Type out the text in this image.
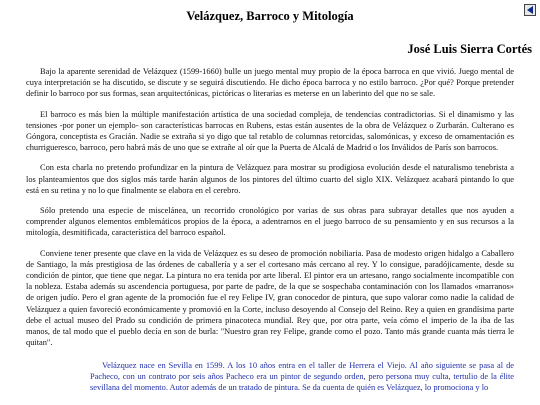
Velázquez, Barroco y Mitología

José Luis Sierra Cortés

Bajo la aparente serenidad de Velázquez (1599-1660) bulle un juego mental muy propio de la época barroca en que vivió. Juego mental de cuya interpretación se ha discutido, se discute y se seguirá discutiendo. He dicho época barroca y no estilo barroco. ¿Por qué? Porque pretender definir lo barroco por sus formas, sean arquitectónicas, pictóricas o literarias es meterse en un laberinto del que no se sale.

El barroco es más bien la múltiple manifestación artística de una sociedad compleja, de tendencias contradictorias. Si el dinamismo y las tensiones -por poner un ejemplo- son características barrocas en Rubens, estas están ausentes de la obra de Velázquez o Zurbarán. Culterano es Góngora, conceptista es Gracián. Nadie se extraña si yo digo que tal retablo de columnas retorcidas, salomónicas, y exceso de ornamentación es churrigueresco, barroco, pero habrá más de uno que se extrañe al oír que la Puerta de Alcalá de Madrid o los Inválidos de París son barrocos.

Con esta charla no pretendo profundizar en la pintura de Velázquez para mostrar su prodigiosa evolución desde el naturalismo tenebrista a los planteamientos que dos siglos más tarde harán algunos de los pintores del último cuarto del siglo XIX. Velázquez acabará pintando lo que está en su retina y no lo que finalmente se elabora en el cerebro.

Sólo pretendo una especie de miscelánea, un recorrido cronológico por varias de sus obras para subrayar detalles que nos ayuden a comprender algunos elementos emblemáticos propios de la época, a adentrarnos en el juego barroco de su pensamiento y en sus recursos a la mitología, desmitificada, característica del barroco español.

Conviene tener presente que clave en la vida de Velázquez es su deseo de promoción nobiliaria. Pasa de modesto origen hidalgo a Caballero de Santiago, la más prestigiosa de las órdenes de caballería y a ser el cortesano más cercano al rey. Y lo consigue, paradójicamente, desde su condición de pintor, que tiene que negar. La pintura no era tenida por arte liberal. El pintor era un artesano, rango socialmente incompatible con la nobleza. Estaba además su ascendencia portuguesa, por parte de padre, de la que se sospechaba contaminación con los llamados «marranos» de origen judío. Pero el gran agente de la promoción fue el rey Felipe IV, gran conocedor de pintura, que supo valorar como nadie la calidad de Velázquez a quien favoreció económicamente y promovió en la Corte, incluso desoyendo al Consejo del Reino. Rey a quien en grandísima parte debe el actual museo del Prado su condición de primera pinacoteca mundial. Rey que, por otra parte, veía cómo el imperio de la iba de las manos, de tal modo que el pueblo decía en son de burla: "Nuestro gran rey Felipe, grande como el pozo. Tanto más grande cuanta más tierra le quitan".

Velázquez nace en Sevilla en 1599. A los 10 años entra en el taller de Herrera el Viejo. Al año siguiente se pasa al de Pacheco, con un contrato por seis años Pacheco era un pintor de segundo orden, pero persona muy culta, tertulio de la élite sevillana del momento. Autor además de un tratado de pintura. Se da cuenta de quién es Velázquez, lo promociona y lo
